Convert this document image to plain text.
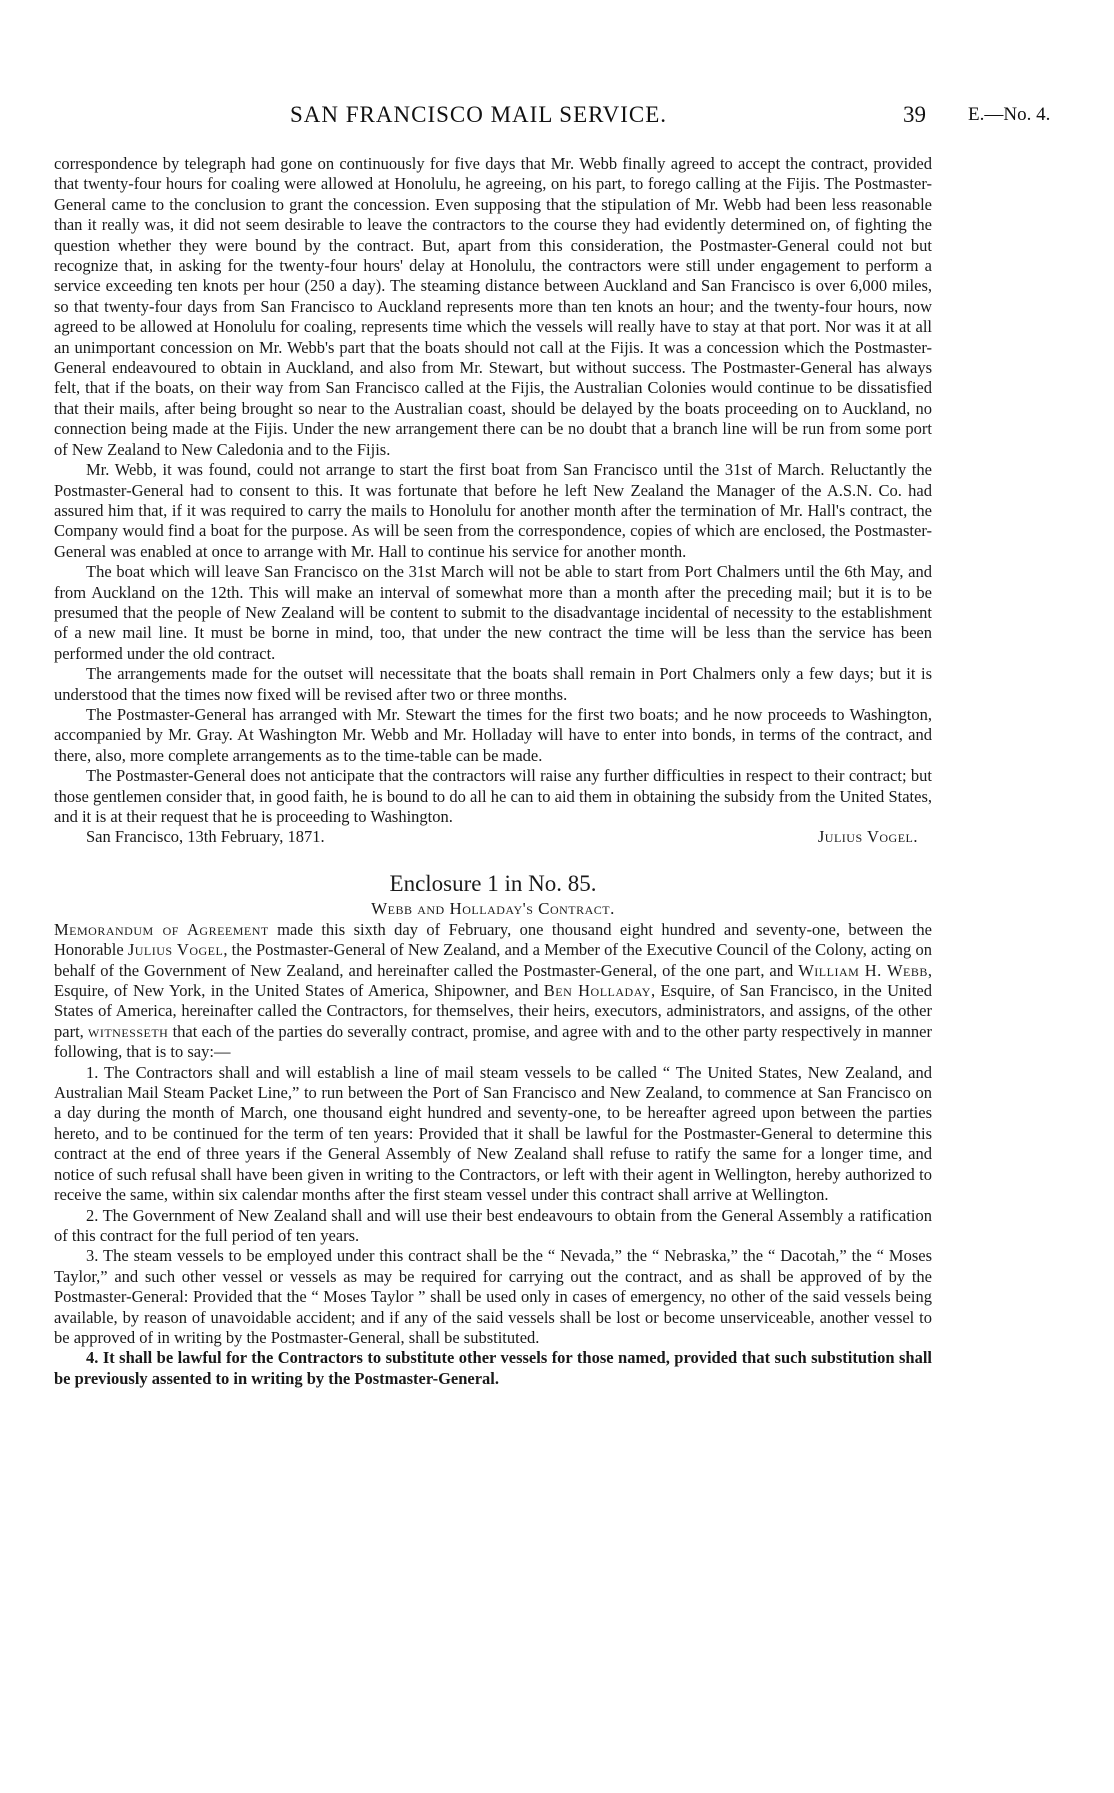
SAN FRANCISCO MAIL SERVICE.	39 E.—No. 4.

correspondence by telegraph had gone on continuously for five days that Mr. Webb finally agreed to accept the contract, provided that twenty-four hours for coaling were allowed at Honolulu, he agreeing, on his part, to forego calling at the Fijis. The Postmaster-General came to the conclusion to grant the concession. Even supposing that the stipulation of Mr. Webb had been less reasonable than it really was, it did not seem desirable to leave the contractors to the course they had evidently determined on, of fighting the question whether they were bound by the contract. But, apart from this consideration, the Postmaster-General could not but recognize that, in asking for the twenty-four hours' delay at Honolulu, the contractors were still under engagement to perform a service exceeding ten knots per hour (250 a day). The steaming distance between Auckland and San Francisco is over 6,000 miles, so that twenty-four days from San Francisco to Auckland represents more than ten knots an hour; and the twenty-four hours, now agreed to be allowed at Honolulu for coaling, represents time which the vessels will really have to stay at that port. Nor was it at all an unimportant concession on Mr. Webb's part that the boats should not call at the Fijis. It was a concession which the Postmaster-General endeavoured to obtain in Auckland, and also from Mr. Stewart, but without success. The Postmaster-General has always felt, that if the boats, on their way from San Francisco called at the Fijis, the Australian Colonies would continue to be dissatisfied that their mails, after being brought so near to the Australian coast, should be delayed by the boats proceeding on to Auckland, no connection being made at the Fijis. Under the new arrangement there can be no doubt that a branch line will be run from some port of New Zealand to New Caledonia and to the Fijis.

Mr. Webb, it was found, could not arrange to start the first boat from San Francisco until the 31st of March. Reluctantly the Postmaster-General had to consent to this. It was fortunate that before he left New Zealand the Manager of the A.S.N. Co. had assured him that, if it was required to carry the mails to Honolulu for another month after the termination of Mr. Hall's contract, the Company would find a boat for the purpose. As will be seen from the correspondence, copies of which are enclosed, the Postmaster-General was enabled at once to arrange with Mr. Hall to continue his service for another month.

The boat which will leave San Francisco on the 31st March will not be able to start from Port Chalmers until the 6th May, and from Auckland on the 12th. This will make an interval of somewhat more than a month after the preceding mail; but it is to be presumed that the people of New Zealand will be content to submit to the disadvantage incidental of necessity to the establishment of a new mail line. It must be borne in mind, too, that under the new contract the time will be less than the service has been performed under the old contract.

The arrangements made for the outset will necessitate that the boats shall remain in Port Chalmers only a few days; but it is understood that the times now fixed will be revised after two or three months.

The Postmaster-General has arranged with Mr. Stewart the times for the first two boats; and he now proceeds to Washington, accompanied by Mr. Gray. At Washington Mr. Webb and Mr. Holladay will have to enter into bonds, in terms of the contract, and there, also, more complete arrangements as to the time-table can be made.

The Postmaster-General does not anticipate that the contractors will raise any further difficulties in respect to their contract; but those gentlemen consider that, in good faith, he is bound to do all he can to aid them in obtaining the subsidy from the United States, and it is at their request that he is proceeding to Washington.

San Francisco, 13th February, 1871.	Julius Vogel.
Enclosure 1 in No. 85.
Webb and Holladay's Contract.

Memorandum of Agreement made this sixth day of February, one thousand eight hundred and seventy-one, between the Honorable Julius Vogel, the Postmaster-General of New Zealand, and a Member of the Executive Council of the Colony, acting on behalf of the Government of New Zealand, and hereinafter called the Postmaster-General, of the one part, and William H. Webb, Esquire, of New York, in the United States of America, Shipowner, and Ben Holladay, Esquire, of San Francisco, in the United States of America, hereinafter called the Contractors, for themselves, their heirs, executors, administrators, and assigns, of the other part, witnesseth that each of the parties do severally contract, promise, and agree with and to the other party respectively in manner following, that is to say:—

1. The Contractors shall and will establish a line of mail steam vessels to be called “ The United States, New Zealand, and Australian Mail Steam Packet Line,” to run between the Port of San Francisco and New Zealand, to commence at San Francisco on a day during the month of March, one thousand eight hundred and seventy-one, to be hereafter agreed upon between the parties hereto, and to be continued for the term of ten years: Provided that it shall be lawful for the Postmaster-General to determine this contract at the end of three years if the General Assembly of New Zealand shall refuse to ratify the same for a longer time, and notice of such refusal shall have been given in writing to the Contractors, or left with their agent in Wellington, hereby authorized to receive the same, within six calendar months after the first steam vessel under this contract shall arrive at Wellington.

2. The Government of New Zealand shall and will use their best endeavours to obtain from the General Assembly a ratification of this contract for the full period of ten years.

3. The steam vessels to be employed under this contract shall be the “ Nevada,” the “ Nebraska,” the “ Dacotah,” the “ Moses Taylor,” and such other vessel or vessels as may be required for carrying out the contract, and as shall be approved of by the Postmaster-General: Provided that the “ Moses Taylor ” shall be used only in cases of emergency, no other of the said vessels being available, by reason of unavoidable accident; and if any of the said vessels shall be lost or become unserviceable, another vessel to be approved of in writing by the Postmaster-General, shall be substituted.

4. It shall be lawful for the Contractors to substitute other vessels for those named, provided that such substitution shall be previously assented to in writing by the Postmaster-General.
